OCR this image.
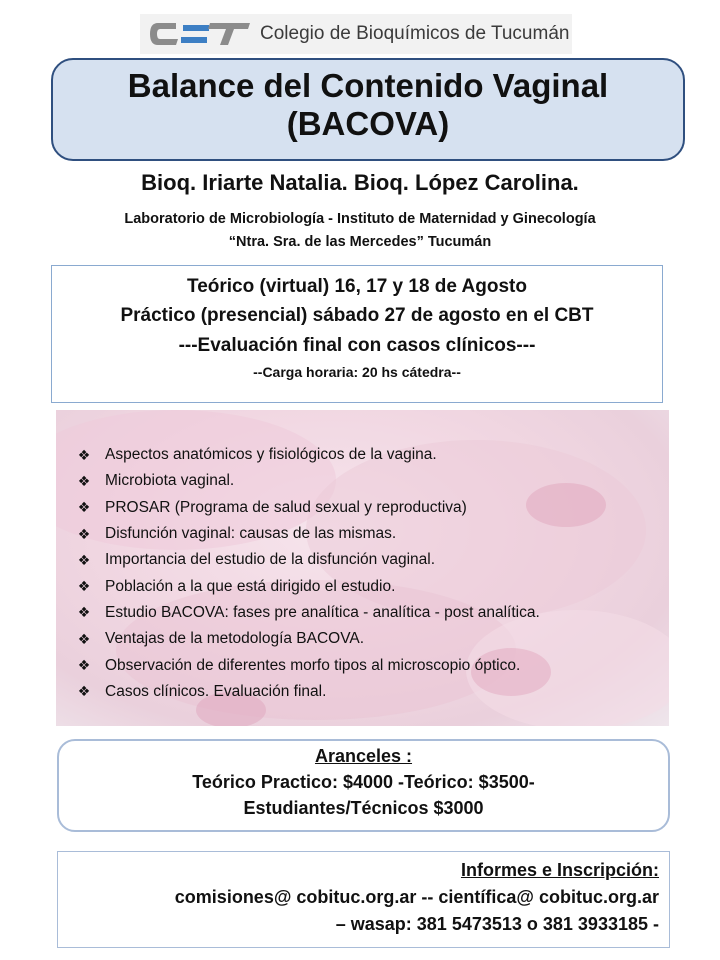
Colegio de Bioquímicos de Tucumán
Balance del Contenido Vaginal
(BACOVA)
Bioq. Iriarte Natalia. Bioq. López Carolina.
Laboratorio de Microbiología - Instituto de Maternidad y Ginecología
“Ntra. Sra. de las Mercedes” Tucumán
Teórico (virtual) 16, 17 y 18 de Agosto
Práctico (presencial) sábado 27 de agosto en el CBT
---Evaluación final con casos clínicos---
--Carga horaria: 20 hs cátedra--
❖ Aspectos anatómicos y fisiológicos de la vagina.
❖ Microbiota vaginal.
❖ PROSAR (Programa de salud sexual y reproductiva)
❖ Disfunción vaginal: causas de las mismas.
❖ Importancia del estudio de la disfunción vaginal.
❖ Población a la que está dirigido el estudio.
❖ Estudio BACOVA: fases pre analítica - analítica - post analítica.
❖ Ventajas de la metodología BACOVA.
❖ Observación de diferentes morfo tipos al microscopio óptico.
❖ Casos clínicos. Evaluación final.
Aranceles :
Teórico Practico: $4000 -Teórico: $3500-
Estudiantes/Técnicos $3000
Informes e Inscripción:
comisiones@ cobituc.org.ar -- científica@ cobituc.org.ar
– wasap: 381 5473513 o 381 3933185 -
